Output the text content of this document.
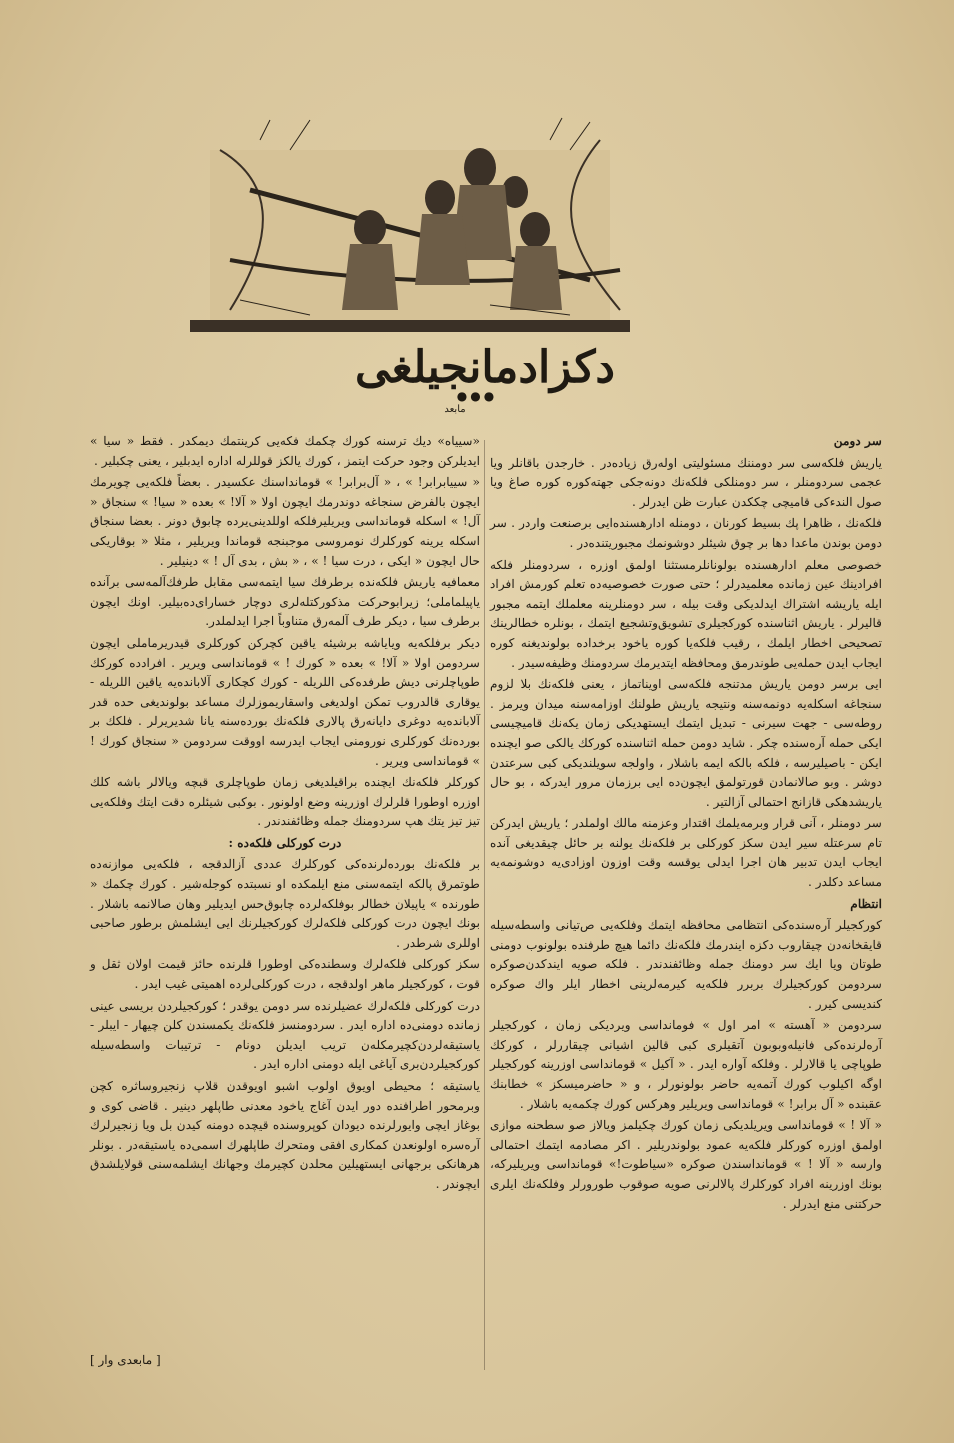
دكزادمانجيلغى
●●●
مابعد

سر دومن

ياريش فلكه‌سى سر دومننك مسئوليتى اوله‌رق زياده‌در . خارجدن باقانلر ويا عجمى سردومنلر ، سر دومنلكى فلكه‌نك دونه‌جكى جهته‌كوره كوره صاغ ويا صول الندءكى قاميچى چككدن عبارت ظن ايدرلر .

فلكه‌نك ، ظاهرا پك بسيط كورنان ، دومنله ادارهسنده‌ايى برصنعت واردر . سر دومن بوندن ماعدا دها بر چوق شيئلر دوشونمك مجبوريتنده‌در .

خصوصى معلم ادارهسنده بولونانلرمستثنا اولمق اوزره ، سردومنلر فلكه افرادينك عين زمانده معلميدرلر ؛ حتى صورت خصوصيه‌ده تعلم كورمش افراد ايله ياريشه اشتراك ايدلديكى وقت بيله ، سر دومنلرينه معلملك ايتمه مجبور قاليرلر . ياريش اثناسنده كوركجيلرى تشويق‌وتشجيع ايتمك ، بونلره خطالرينك تصحيحى اخطار ايلمك ، رقيب فلكه‌يا كوره ياخود برخداده بولونديغنه كوره ايجاب ايدن حمله‌يى طوندرمق ومحافظه ايتديرمك سردومنك وظيفه‌سيدر .

ايى برسر دومن ياريش مدتنجه فلكه‌سى اويناتماز ، يعنى فلكه‌نك بلا لزوم سنجاغه اسكله‌يه دونمه‌سنه ونتيجه ياريش طولنك اوزامه‌سنه ميدان ويرمز . روطه‌سى - جهت سيرنى - تبديل ايتمك ايستهديكى زمان يكه‌نك قاميچيسى ايكى حمله آره‌سنده چكر . شايد دومن حمله اثناسنده كوركك يالكى صو ايچنده ايكن - باصيليرسه ، فلكه بالكه ايمه باشلار ، واولجه سويلنديكى كبى سرعتدن دوشر . وبو صالانمادن قورتولمق ايچون‌ده ايى برزمان مرور ايدركه ، بو حال ياريشدهكى قازانج احتمالى آزالتير .

سر دومنلر ، آنى قرار وبرمه‌يلمك اقتدار وعزمنه مالك اولملدر ؛ ياريش ايدركن تام سرعتله سير ايدن سكز كوركلى بر فلكه‌نك يولنه بر حائل چيقديغى آنده ايجاب ايدن تدبير هان اجرا ايدلى يوقسه وقت اوزون اوزادى‌يه دوشونمه‌يه مساعد دكلدر .

انتظام

كوركجيلر آره‌سنده‌كى انتظامى محافظه ايتمك وفلكه‌يى ص‌تيانى واسطه‌سيله قايقخانه‌دن چيقاروب دكزه ايندرمك فلكه‌نك دائما هيچ طرفنده بولونوب دومنى طوتان ويا ايك سر دومنك جمله وظائفندندر . فلكه صويه ايندكدن‌صوكره سردومن كوركجيلرك بربرر فلكه‌يه كيرمه‌لرينى اخطار ايلر واك صوكره كنديسى كيرر .

سردومن « آهسته » امر اول » فومانداسى ويرديكى زمان ، كوركجيلر آره‌لرنده‌كى فانيله‌وبوبون آتقيلرى كبى قالين اشيانى چيقاررلر ، كوركك طوپاچى يا قالارلر . وفلكه آواره ايدر . « آكيل » قومانداسى اوزرينه كوركجيلر اوگه اكيلوب كورك آتمه‌يه حاضر بولونورلر ، و « حاضرميسكز » خطابنك عقبنده « آل برابر! » قومانداسى ويريلير وهركس كورك چكمه‌يه باشلار .

« آلا ! » قومانداسى ويريلديكى زمان كورك چكيلمز ويالاز صو سطحنه موازى اولمق اوزره كوركلر فلكه‌يه عمود بولوندريلير . اكر مصادمه ايتمك احتمالى وارسه « آلا ! » قومانداسندن صوكره «سياطوت!» قومانداسى ويريليركه، بونك اوزرينه افراد كوركلرك پالالرنى صويه صوقوب طورورلر وفلكه‌نك ايلرى حركتنى منع ايدرلر .

«سيياه» ديك ترسنه كورك چكمك فكه‌يى كرينتمك ديمكدر . فقط « سيا » ايديلركن وجود حركت ايتمز ، كورك يالكز قوللرله اداره ايدبلير ، يعنى چكبلير .

« سييابرابر! » ، « آل‌برابر! » قومانداسنك عكسيدر . بعضاً فلكه‌يى چويرمك ايچون بالفرض سنجاغه دوندرمك ايچون اولا « آلا! » بعده « سيا! » سنجاق « آل! » اسكله قومانداسى ويريليرفلكه اوللدينى‌يرده چابوق دونر . بعضا سنجاق اسكله يرينه كوركلرك نومروسى موجبنجه قوماندا ويريلير ، مثلا « بوقاريكى حال ايچون « ايكى ، درت سيا ! » ، « بش ، بدى آل ! » دينيلير .

معمافيه ياريش فلكه‌نده برطرفك سيا ايتمه‌سى مقابل طرفك‌آلمه‌سى برآنده ياپيلماملى؛ زيرابوحركت مذكوركتله‌لرى دوچار خساراى‌ده‌بيلير. اونك ايچون برطرف سيا ، ديكر طرف آلمه‌رق متناوباً اجرا ايدلملدر.

ديكر برفلكه‌يه وياياشه برشيئه ياقين كچركن كوركلرى قيدريرماملى ايچون سردومن اولا « آلا! » بعده « كورك ! » قومانداسى ويرير . افرادده كوركك طوپاچلرنى ديش طرفده‌كى اللريله - كورك كچكارى آلابانده‌يه ياقين اللريله - يوقارى قالدروب تمكن اولديغى واسقاريموزلرك مساعد بولونديغى حده قدر آلابانده‌يه دوغرى دايانه‌رق پالارى فلكه‌نك بورده‌سنه يانا شديريرلر . فلكك بر بورده‌نك كوركلرى نورومنى ايجاب ايدرسه اووقت سردومن « سنجاق كورك ! » قومانداسى ويرير .

كوركلر فلكه‌نك ايچنده براقيلديغى زمان طوپاچلرى قبچه ويالالر باشه كلك اوزره اوطورا قلرلرك اوزرينه وضع اولونور . بوكبى شيئلره دقت ايتك وفلكه‌يى تيز تيز يتك هپ سردومنك جمله وظائفندندر .

درت كوركلى فلكه‌ده :

بر فلكه‌نك بورده‌لرنده‌كى كوركلرك عددى آزالدقجه ، فلكه‌يى موازنه‌ده طوتمرق پالكه ايتمه‌سنى منع ايلمكده او نسبتده كوجله‌شير . كورك چكمك « طورنده » ياپيلان خطالر بوفلكه‌لرده چابوق‌حس ايديلير وهان صالانمه باشلار . بونك ايچون درت كوركلى فلكه‌لرك كوركجيلرنك ايى ايشلمش برطور صاحبى اوللرى شرطدر .

سكز كوركلى فلكه‌لرك وسطنده‌كى اوطورا قلرنده حائز قيمت اولان ثقل و قوت ، كوركجيلر ماهر اولدقجه ، درت كوركلى‌لرده اهميتى غيب ايدر .

درت كوركلى فلكه‌لرك عضيلرنده سر دومن يوقدر ؛ كوركجيلردن بريسى عينى زمانده دومنى‌ده اداره ايدر . سردومنسز فلكه‌نك يكمسندن كلن چيهار - ايبلر - ياستيقه‌لردن‌كچيرمكله‌ن تريب ايديلن دونام - ترتيبات واسطه‌سيله كوركجيلردن‌برى آياغى ايله دومنى اداره ايدر .

ياستيقه ؛ محيطى اويوق اولوب اشبو اويوقدن قلاپ زنجيروساثره كچن وبرمحور اطرافنده دور ايدن آغاج ياخود معدنى طاپلهر دينير . قاضى كوى و بوغاز ايچى وايورلرنده ديودان كوپروسنده قيچده دومنه كيدن بل ويا زنجيرلرك آره‌سره اولونعدن كمكارى افقى ومتحرك طاپلهرك اسمى‌ده ياستيقه‌در . بونلر هرهانكى برجهانى ايستهيلين محلدن كچيرمك وجهانك ايشلمه‌سنى قولايلشدق ايچوندر .

[ مابعدى وار ]
